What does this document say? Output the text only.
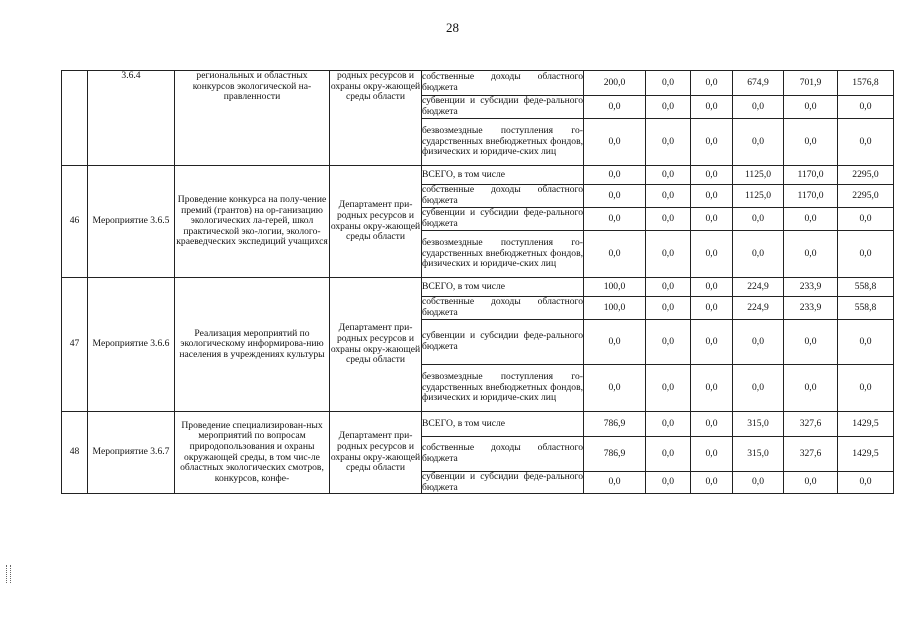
28
	3.6.4	региональных и областных конкурсов экологической на-правленности	родных ресурсов и охраны окру-жающей среды области	собственные доходы областного бюджета	200,0	0,0	0,0	674,9	701,9	1576,8
				субвенции и субсидии феде-рального бюджета	0,0	0,0	0,0	0,0	0,0	0,0
				безвозмездные поступления го-сударственных внебюджетных фондов, физических и юридиче-ских лиц	0,0	0,0	0,0	0,0	0,0	0,0
46	Мероприятие 3.6.5	Проведение конкурса на полу-чение премий (грантов) на ор-ганизацию экологических ла-герей, школ практической эко-логии, эколого-краеведческих экспедиций учащихся	Департамент при-родных ресурсов и охраны окру-жающей среды области	ВСЕГО, в том числе	0,0	0,0	0,0	1125,0	1170,0	2295,0
				собственные доходы областного бюджета	0,0	0,0	0,0	1125,0	1170,0	2295,0
				субвенции и субсидии феде-рального бюджета	0,0	0,0	0,0	0,0	0,0	0,0
				безвозмездные поступления го-сударственных внебюджетных фондов, физических и юридиче-ских лиц	0,0	0,0	0,0	0,0	0,0	0,0
47	Мероприятие 3.6.6	Реализация мероприятий по экологическому информирова-нию населения в учреждениях культуры	Департамент при-родных ресурсов и охраны окру-жающей среды области	ВСЕГО, в том числе	100,0	0,0	0,0	224,9	233,9	558,8
				собственные доходы областного бюджета	100,0	0,0	0,0	224,9	233,9	558,8
				субвенции и субсидии феде-рального бюджета	0,0	0,0	0,0	0,0	0,0	0,0
				безвозмездные поступления го-сударственных внебюджетных фондов, физических и юридиче-ских лиц	0,0	0,0	0,0	0,0	0,0	0,0
48	Мероприятие 3.6.7	Проведение специализирован-ных мероприятий по вопросам природопользования и охраны окружающей среды, в том чис-ле областных экологических смотров, конкурсов, конфе-	Департамент при-родных ресурсов и охраны окру-жающей среды области	ВСЕГО, в том числе	786,9	0,0	0,0	315,0	327,6	1429,5
				собственные доходы областного бюджета	786,9	0,0	0,0	315,0	327,6	1429,5
				субвенции и субсидии феде-рального бюджета	0,0	0,0	0,0	0,0	0,0	0,0
